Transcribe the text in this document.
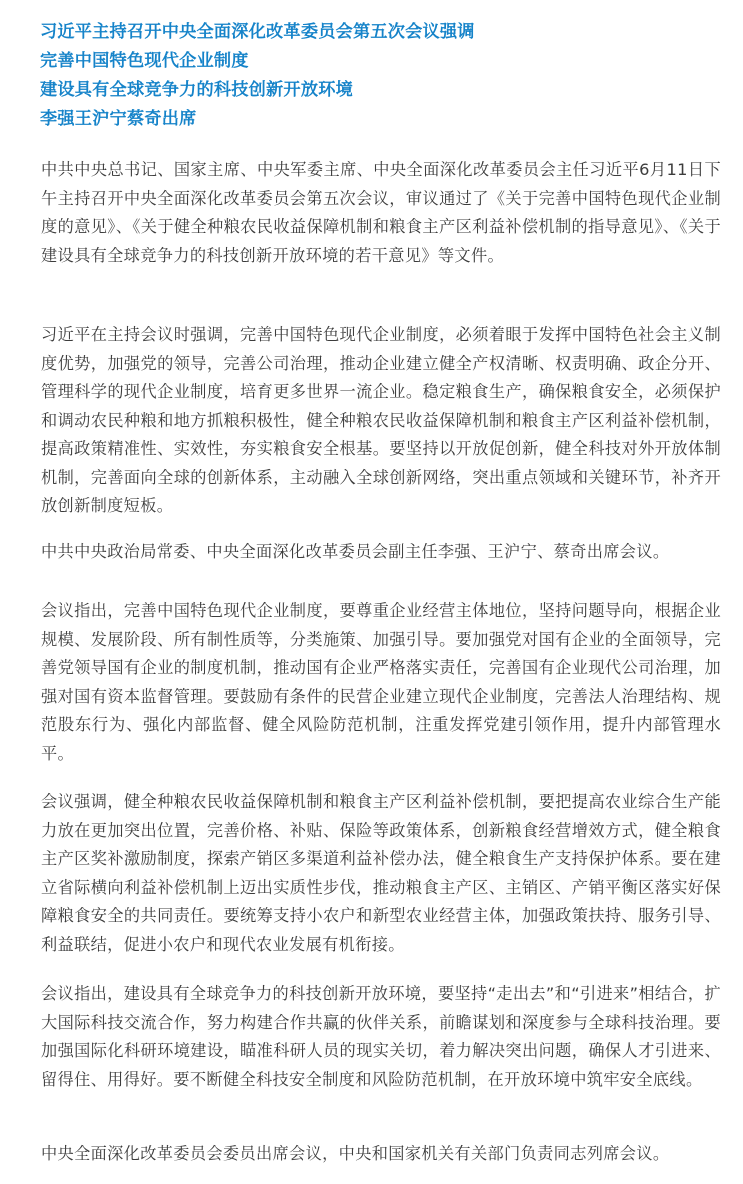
习近平主持召开中央全面深化改革委员会第五次会议强调
完善中国特色现代企业制度
建设具有全球竞争力的科技创新开放环境
李强王沪宁蔡奇出席

中共中央总书记、国家主席、中央军委主席、中央全面深化改革委员会主任习近平6月11日下午主持召开中央全面深化改革委员会第五次会议，审议通过了《关于完善中国特色现代企业制度的意见》、《关于健全种粮农民收益保障机制和粮食主产区利益补偿机制的指导意见》、《关于建设具有全球竞争力的科技创新开放环境的若干意见》等文件。

习近平在主持会议时强调，完善中国特色现代企业制度，必须着眼于发挥中国特色社会主义制度优势，加强党的领导，完善公司治理，推动企业建立健全产权清晰、权责明确、政企分开、管理科学的现代企业制度，培育更多世界一流企业。稳定粮食生产，确保粮食安全，必须保护和调动农民种粮和地方抓粮积极性，健全种粮农民收益保障机制和粮食主产区利益补偿机制，提高政策精准性、实效性，夯实粮食安全根基。要坚持以开放促创新，健全科技对外开放体制机制，完善面向全球的创新体系，主动融入全球创新网络，突出重点领域和关键环节，补齐开放创新制度短板。

中共中央政治局常委、中央全面深化改革委员会副主任李强、王沪宁、蔡奇出席会议。

会议指出，完善中国特色现代企业制度，要尊重企业经营主体地位，坚持问题导向，根据企业规模、发展阶段、所有制性质等，分类施策、加强引导。要加强党对国有企业的全面领导，完善党领导国有企业的制度机制，推动国有企业严格落实责任，完善国有企业现代公司治理，加强对国有资本监督管理。要鼓励有条件的民营企业建立现代企业制度，完善法人治理结构、规范股东行为、强化内部监督、健全风险防范机制，注重发挥党建引领作用，提升内部管理水平。

会议强调，健全种粮农民收益保障机制和粮食主产区利益补偿机制，要把提高农业综合生产能力放在更加突出位置，完善价格、补贴、保险等政策体系，创新粮食经营增效方式，健全粮食主产区奖补激励制度，探索产销区多渠道利益补偿办法，健全粮食生产支持保护体系。要在建立省际横向利益补偿机制上迈出实质性步伐，推动粮食主产区、主销区、产销平衡区落实好保障粮食安全的共同责任。要统筹支持小农户和新型农业经营主体，加强政策扶持、服务引导、利益联结，促进小农户和现代农业发展有机衔接。

会议指出，建设具有全球竞争力的科技创新开放环境，要坚持“走出去”和“引进来”相结合，扩大国际科技交流合作，努力构建合作共赢的伙伴关系，前瞻谋划和深度参与全球科技治理。要加强国际化科研环境建设，瞄准科研人员的现实关切，着力解决突出问题，确保人才引进来、留得住、用得好。要不断健全科技安全制度和风险防范机制，在开放环境中筑牢安全底线。

中央全面深化改革委员会委员出席会议，中央和国家机关有关部门负责同志列席会议。
